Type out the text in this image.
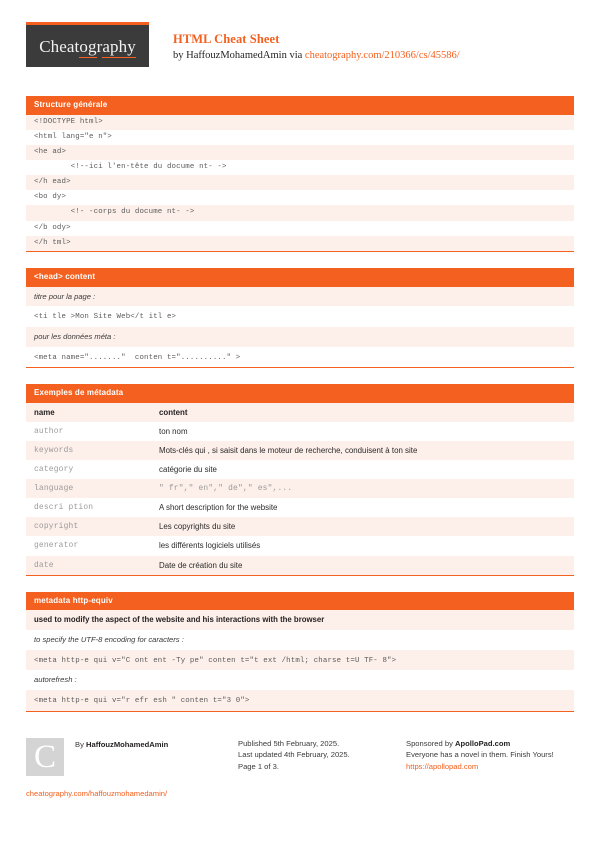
Cheatography	HTML Cheat Sheet
by HaffouzMohamedAmin via cheatography.com/210366/cs/45586/
Structure générale
<!DOCTYPE html>
<html lang="e n">
<he ad>
<!--ici l'en-tête du docume nt- ->
</h ead>
<bo dy>
<!- -corps du docume nt- ->
</b ody>
</h tml>
<head> content
titre pour la page :
<ti tle >Mon Site Web</t itl e>
pour les données méta :
<meta name="......."  conten t=".........." >
Exemples de métadata
name	content
author	ton nom
keywords	Mots-clés qui , si saisit dans le moteur de recherche, conduisent à ton site
category	catégorie du site
language	" fr"," en"," de"," es",...
descri ption	A short description for the website
copyright	Les copyrights du site
generator	les différents logiciels utilisés
date	Date de création du site
metadata http-equiv
used to modify the aspect of the website and his interactions with the browser
to specify the UTF-8 encoding for caracters :
<meta http-e qui v="C ont ent -Ty pe" conten t="t ext /html; charse t=U TF- 8">
autorefresh :
<meta http-e qui v="r efr esh " conten t="3 0">
C	By HaffouzMohamedAmin
cheatography.com/haffouzmohamedamin/
Published 5th February, 2025.
Last updated 4th February, 2025.
Page 1 of 3.
Sponsored by ApolloPad.com
Everyone has a novel in them. Finish Yours!
https://apollopad.com
